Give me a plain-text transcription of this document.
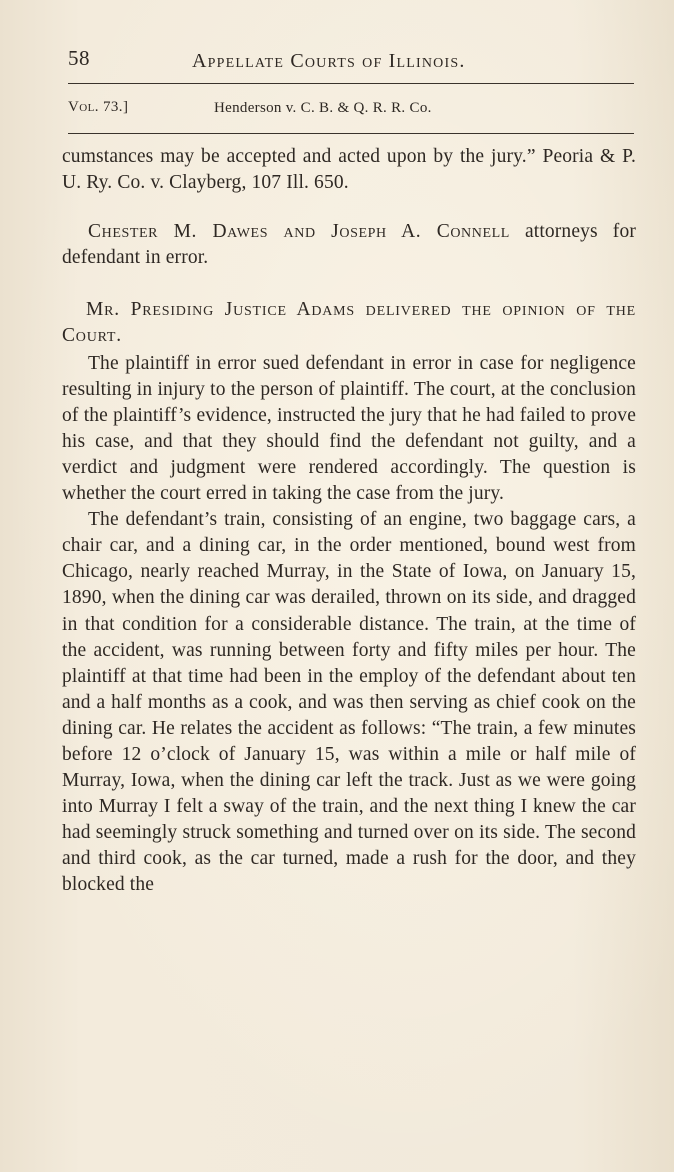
58	Appellate Courts of Illinois.
Vol. 73.]	Henderson v. C. B. & Q. R. R. Co.

cumstances may be accepted and acted upon by the jury.” Peoria & P. U. Ry. Co. v. Clayberg, 107 Ill. 650.

Chester M. Dawes and Joseph A. Connell attorneys for defendant in error.

Mr. Presiding Justice Adams delivered the opinion of the Court.

The plaintiff in error sued defendant in error in case for negligence resulting in injury to the person of plaintiff. The court, at the conclusion of the plaintiff’s evidence, instructed the jury that he had failed to prove his case, and that they should find the defendant not guilty, and a verdict and judgment were rendered accordingly. The question is whether the court erred in taking the case from the jury.

The defendant’s train, consisting of an engine, two baggage cars, a chair car, and a dining car, in the order mentioned, bound west from Chicago, nearly reached Murray, in the State of Iowa, on January 15, 1890, when the dining car was derailed, thrown on its side, and dragged in that condition for a considerable distance. The train, at the time of the accident, was running between forty and fifty miles per hour. The plaintiff at that time had been in the employ of the defendant about ten and a half months as a cook, and was then serving as chief cook on the dining car. He relates the accident as follows: “The train, a few minutes before 12 o’clock of January 15, was within a mile or half mile of Murray, Iowa, when the dining car left the track. Just as we were going into Murray I felt a sway of the train, and the next thing I knew the car had seemingly struck something and turned over on its side. The second and third cook, as the car turned, made a rush for the door, and they blocked the
